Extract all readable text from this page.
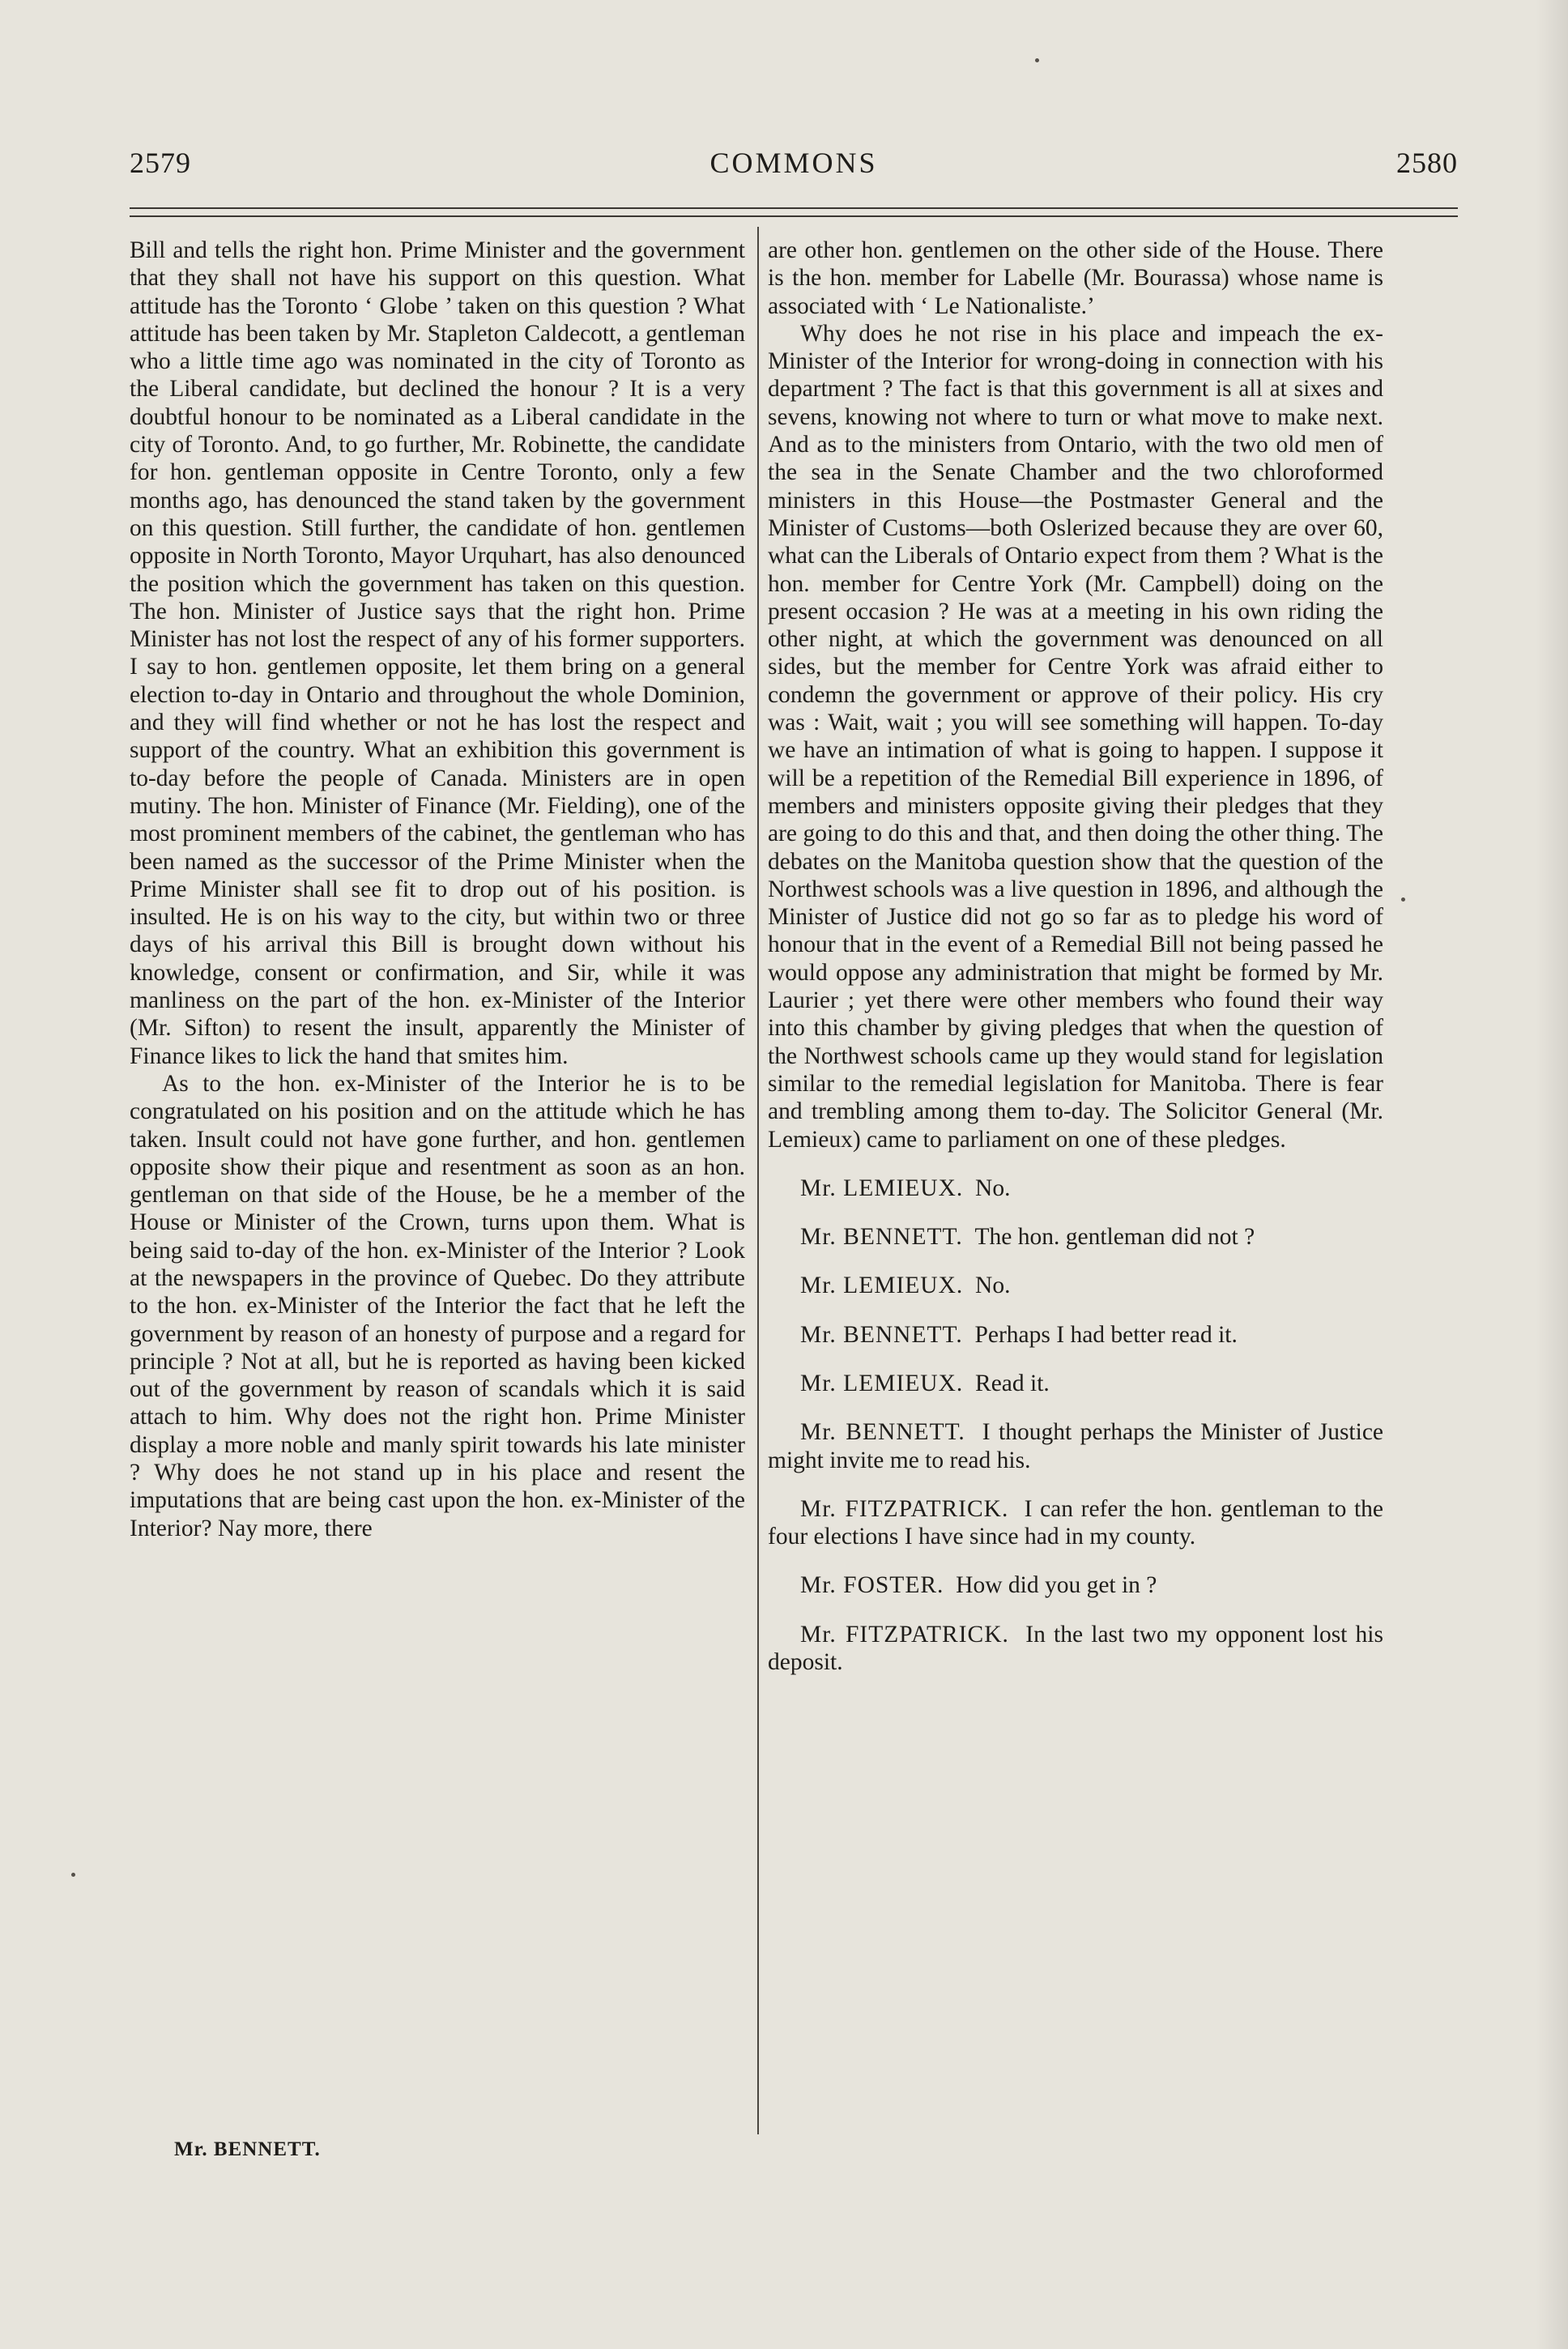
2579	COMMONS	2580

Bill and tells the right hon. Prime Minister and the government that they shall not have his support on this question. What attitude has the Toronto ‘ Globe ’ taken on this question ? What attitude has been taken by Mr. Stapleton Caldecott, a gentleman who a little time ago was nominated in the city of Toronto as the Liberal candidate, but declined the honour ? It is a very doubtful honour to be nominated as a Liberal candidate in the city of Toronto. And, to go further, Mr. Robinette, the candidate for hon. gentleman opposite in Centre Toronto, only a few months ago, has denounced the stand taken by the government on this question. Still further, the candidate of hon. gentlemen opposite in North Toronto, Mayor Urquhart, has also denounced the position which the government has taken on this question. The hon. Minister of Justice says that the right hon. Prime Minister has not lost the respect of any of his former supporters. I say to hon. gentlemen opposite, let them bring on a general election to-day in Ontario and throughout the whole Dominion, and they will find whether or not he has lost the respect and support of the country. What an exhibition this government is to-day before the people of Canada. Ministers are in open mutiny. The hon. Minister of Finance (Mr. Fielding), one of the most prominent members of the cabinet, the gentleman who has been named as the successor of the Prime Minister when the Prime Minister shall see fit to drop out of his position. is insulted. He is on his way to the city, but within two or three days of his arrival this Bill is brought down without his knowledge, consent or confirmation, and Sir, while it was manliness on the part of the hon. ex-Minister of the Interior (Mr. Sifton) to resent the insult, apparently the Minister of Finance likes to lick the hand that smites him.

As to the hon. ex-Minister of the Interior he is to be congratulated on his position and on the attitude which he has taken. Insult could not have gone further, and hon. gentlemen opposite show their pique and resentment as soon as an hon. gentleman on that side of the House, be he a member of the House or Minister of the Crown, turns upon them. What is being said to-day of the hon. ex-Minister of the Interior ? Look at the newspapers in the province of Quebec. Do they attribute to the hon. ex-Minister of the Interior the fact that he left the government by reason of an honesty of purpose and a regard for principle ? Not at all, but he is reported as having been kicked out of the government by reason of scandals which it is said attach to him. Why does not the right hon. Prime Minister display a more noble and manly spirit towards his late minister ? Why does he not stand up in his place and resent the imputations that are being cast upon the hon. ex-Minister of the Interior? Nay more, there

are other hon. gentlemen on the other side of the House. There is the hon. member for Labelle (Mr. Bourassa) whose name is associated with ‘ Le Nationaliste.’

Why does he not rise in his place and impeach the ex-Minister of the Interior for wrong-doing in connection with his department ? The fact is that this government is all at sixes and sevens, knowing not where to turn or what move to make next. And as to the ministers from Ontario, with the two old men of the sea in the Senate Chamber and the two chloroformed ministers in this House—the Postmaster General and the Minister of Customs—both Oslerized because they are over 60, what can the Liberals of Ontario expect from them ? What is the hon. member for Centre York (Mr. Campbell) doing on the present occasion ? He was at a meeting in his own riding the other night, at which the government was denounced on all sides, but the member for Centre York was afraid either to condemn the government or approve of their policy. His cry was : Wait, wait ; you will see something will happen. To-day we have an intimation of what is going to happen. I suppose it will be a repetition of the Remedial Bill experience in 1896, of members and ministers opposite giving their pledges that they are going to do this and that, and then doing the other thing. The debates on the Manitoba question show that the question of the Northwest schools was a live question in 1896, and although the Minister of Justice did not go so far as to pledge his word of honour that in the event of a Remedial Bill not being passed he would oppose any administration that might be formed by Mr. Laurier ; yet there were other members who found their way into this chamber by giving pledges that when the question of the Northwest schools came up they would stand for legislation similar to the remedial legislation for Manitoba. There is fear and trembling among them to-day. The Solicitor General (Mr. Lemieux) came to parliament on one of these pledges.

Mr. LEMIEUX. No.

Mr. BENNETT. The hon. gentleman did not ?

Mr. LEMIEUX. No.

Mr. BENNETT. Perhaps I had better read it.

Mr. LEMIEUX. Read it.

Mr. BENNETT. I thought perhaps the Minister of Justice might invite me to read his.

Mr. FITZPATRICK. I can refer the hon. gentleman to the four elections I have since had in my county.

Mr. FOSTER. How did you get in ?

Mr. FITZPATRICK. In the last two my opponent lost his deposit.

Mr. BENNETT.
